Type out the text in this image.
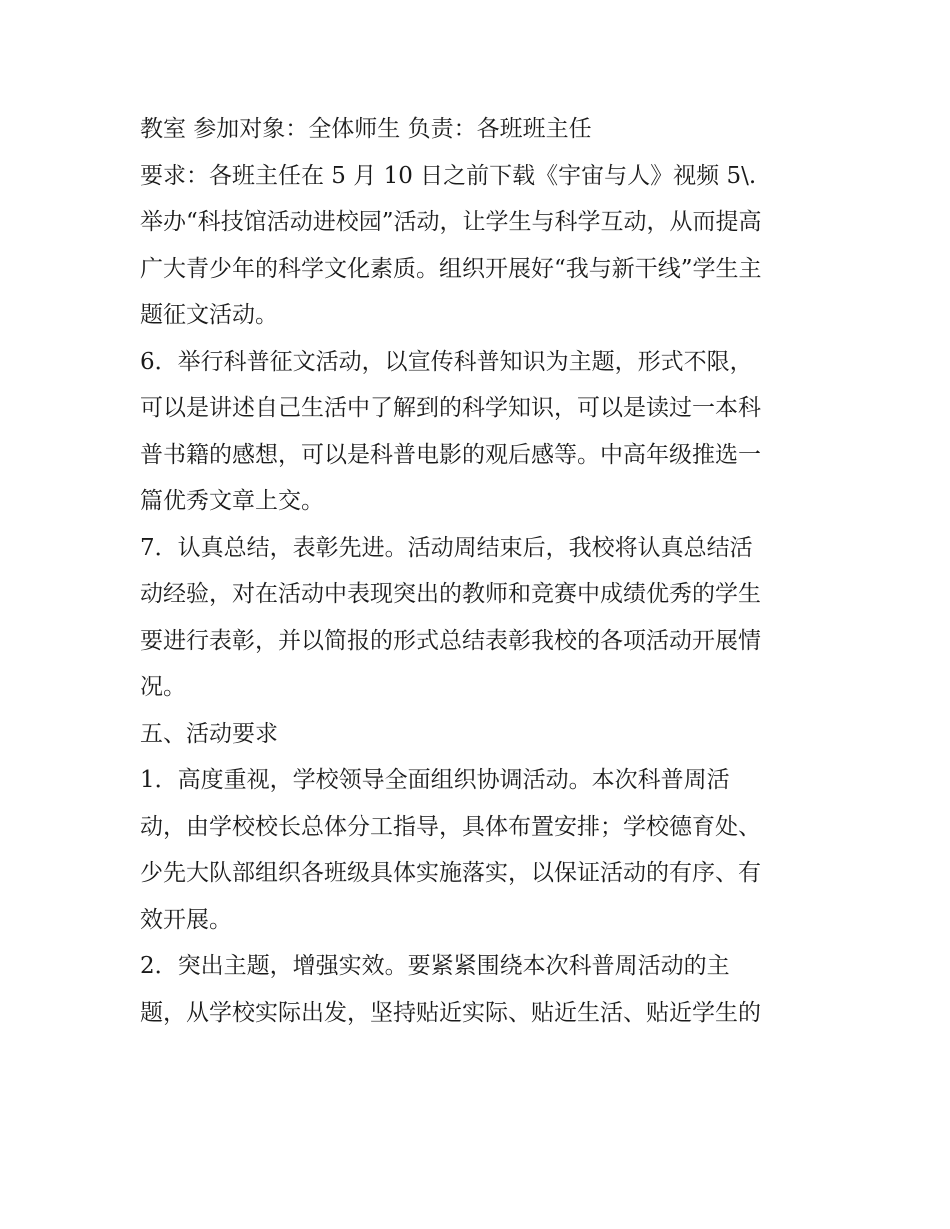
教室 参加对象：全体师生 负责：各班班主任
要求：各班主任在 5 月 10 日之前下载《宇宙与人》视频 5\.
举办“科技馆活动进校园”活动，让学生与科学互动，从而提高
广大青少年的科学文化素质。组织开展好“我与新干线”学生主
题征文活动。
6．举行科普征文活动，以宣传科普知识为主题，形式不限，
可以是讲述自己生活中了解到的科学知识，可以是读过一本科
普书籍的感想，可以是科普电影的观后感等。中高年级推选一
篇优秀文章上交。
7．认真总结，表彰先进。活动周结束后，我校将认真总结活
动经验，对在活动中表现突出的教师和竞赛中成绩优秀的学生
要进行表彰，并以简报的形式总结表彰我校的各项活动开展情
况。
五、活动要求
1．高度重视，学校领导全面组织协调活动。本次科普周活
动，由学校校长总体分工指导，具体布置安排；学校德育处、
少先大队部组织各班级具体实施落实，以保证活动的有序、有
效开展。
2．突出主题，增强实效。要紧紧围绕本次科普周活动的主
题，从学校实际出发，坚持贴近实际、贴近生活、贴近学生的
